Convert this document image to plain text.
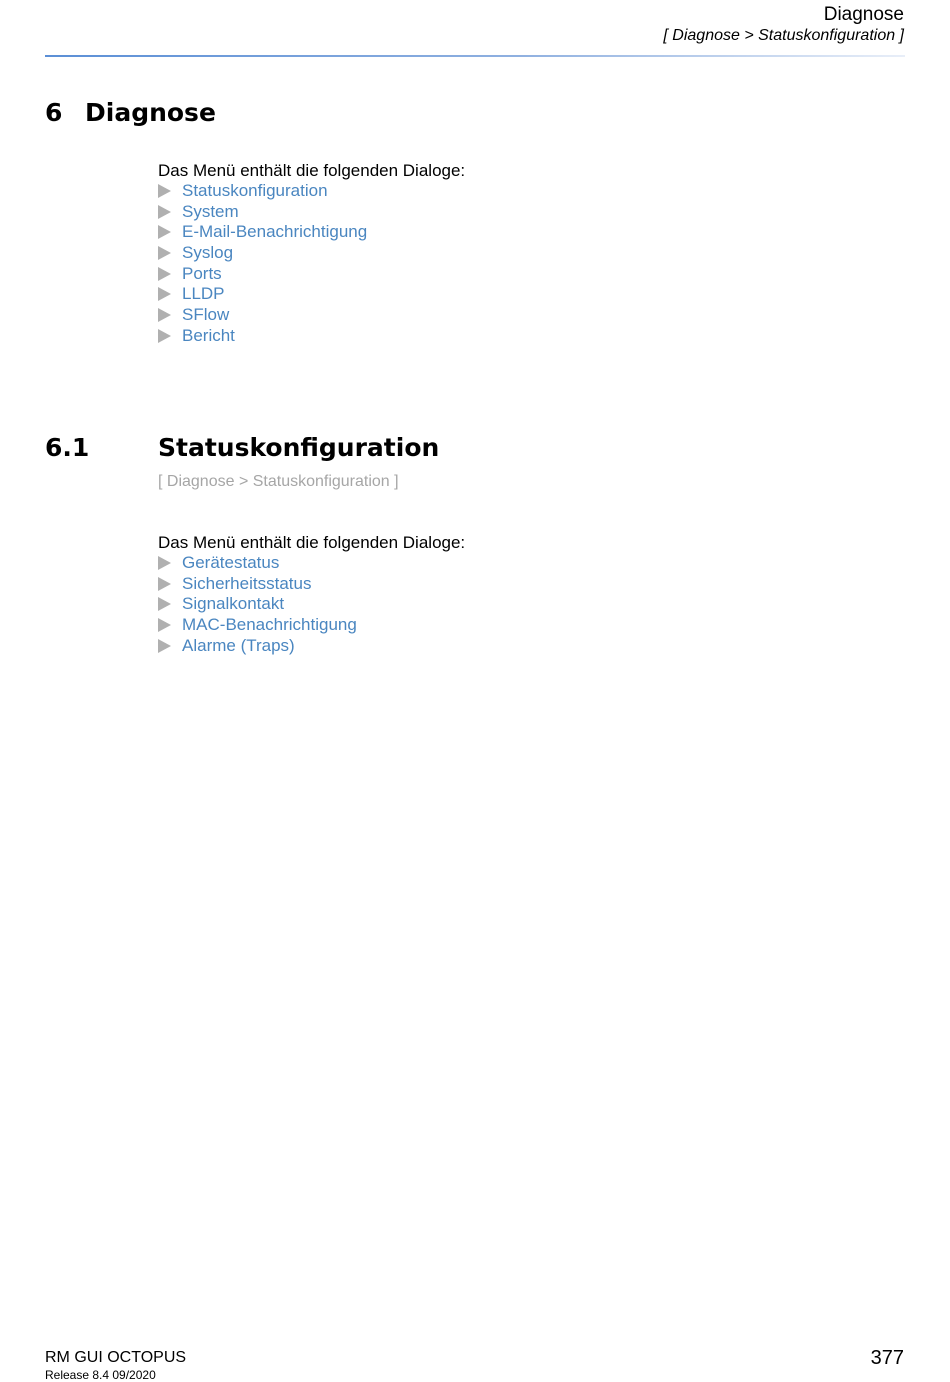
Diagnose
[ Diagnose > Statuskonfiguration ]
6 Diagnose
Das Menü enthält die folgenden Dialoge:
Statuskonfiguration
System
E-Mail-Benachrichtigung
Syslog
Ports
LLDP
SFlow
Bericht
6.1	Statuskonfiguration
[ Diagnose > Statuskonfiguration ]
Das Menü enthält die folgenden Dialoge:
Gerätestatus
Sicherheitsstatus
Signalkontakt
MAC-Benachrichtigung
Alarme (Traps)
RM GUI OCTOPUS
Release 8.4 09/2020
377
